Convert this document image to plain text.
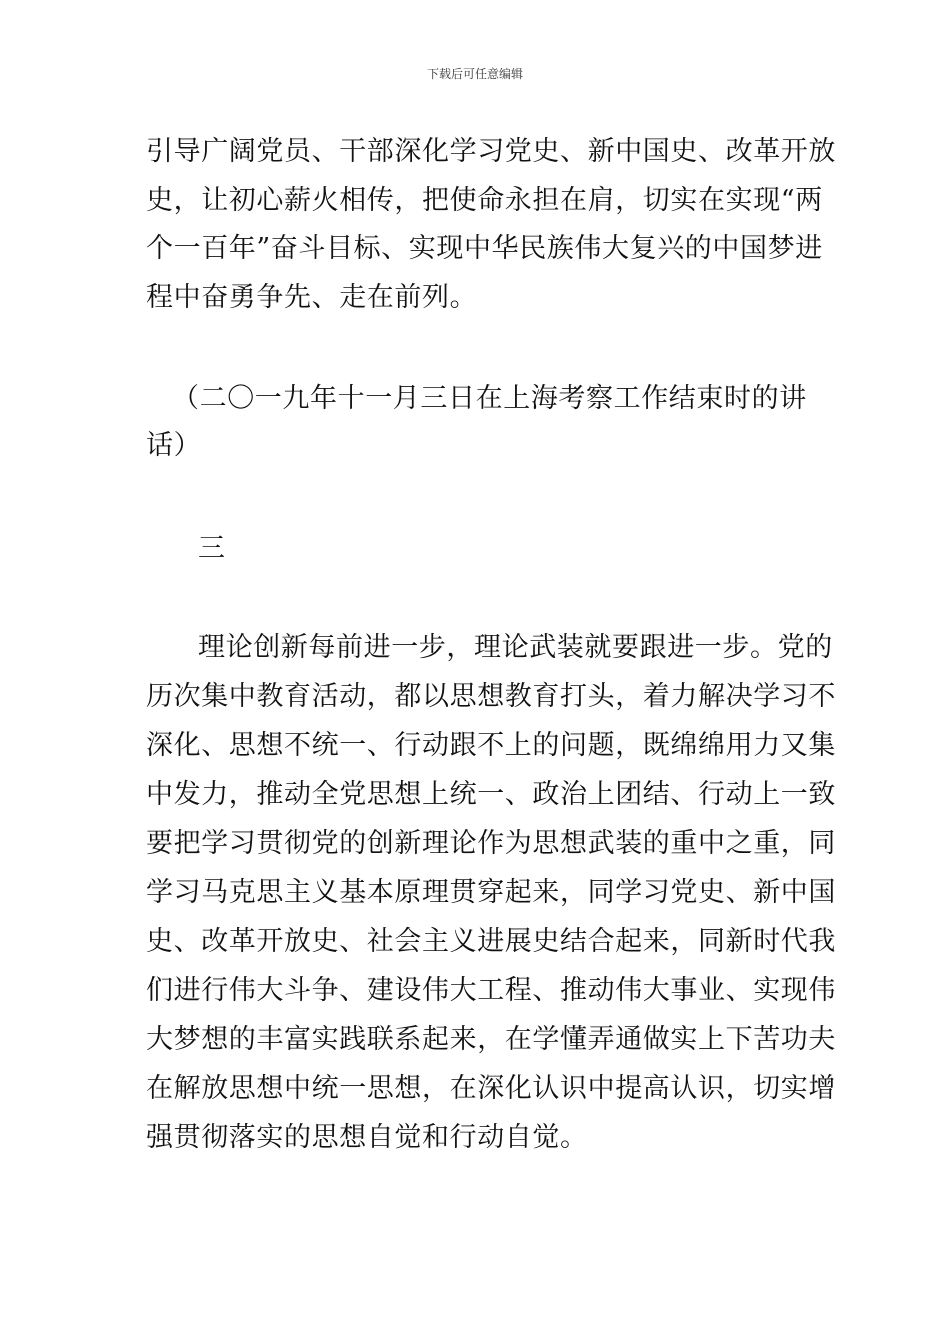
下载后可任意编辑
引导广阔党员、干部深化学习党史、新中国史、改革开放
史，让初心薪火相传，把使命永担在肩，切实在实现“两
个一百年”奋斗目标、实现中华民族伟大复兴的中国梦进
程中奋勇争先、走在前列。
（二〇一九年十一月三日在上海考察工作结束时的讲
话）
三
理论创新每前进一步，理论武装就要跟进一步。党的
历次集中教育活动，都以思想教育打头，着力解决学习不
深化、思想不统一、行动跟不上的问题，既绵绵用力又集
中发力，推动全党思想上统一、政治上团结、行动上一致
要把学习贯彻党的创新理论作为思想武装的重中之重，同
学习马克思主义基本原理贯穿起来，同学习党史、新中国
史、改革开放史、社会主义进展史结合起来，同新时代我
们进行伟大斗争、建设伟大工程、推动伟大事业、实现伟
大梦想的丰富实践联系起来，在学懂弄通做实上下苦功夫
在解放思想中统一思想，在深化认识中提高认识，切实增
强贯彻落实的思想自觉和行动自觉。
